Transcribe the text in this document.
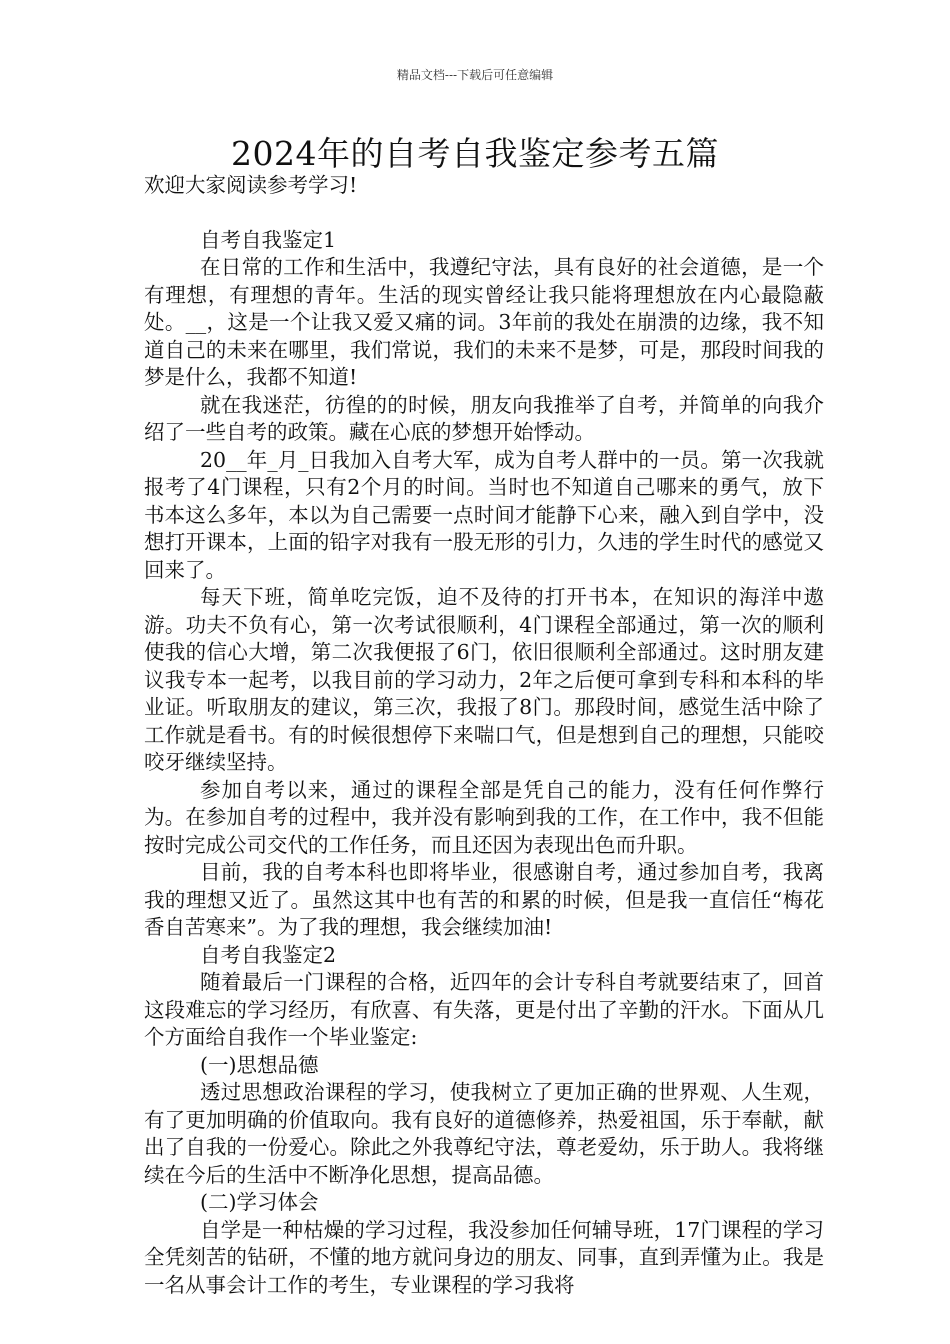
精品文档---下载后可任意编辑
2024年的自考自我鉴定参考五篇

欢迎大家阅读参考学习!

自考自我鉴定1

在日常的工作和生活中，我遵纪守法，具有良好的社会道德，是一个有理想，有理想的青年。生活的现实曾经让我只能将理想放在内心最隐蔽处。__，这是一个让我又爱又痛的词。3年前的我处在崩溃的边缘，我不知道自己的未来在哪里，我们常说，我们的未来不是梦，可是，那段时间我的梦是什么，我都不知道!

就在我迷茫，彷徨的的时候，朋友向我推举了自考，并简单的向我介绍了一些自考的政策。藏在心底的梦想开始悸动。

20__年_月_日我加入自考大军，成为自考人群中的一员。第一次我就报考了4门课程，只有2个月的时间。当时也不知道自己哪来的勇气，放下书本这么多年，本以为自己需要一点时间才能静下心来，融入到自学中，没想打开课本，上面的铅字对我有一股无形的引力，久违的学生时代的感觉又回来了。

每天下班，简单吃完饭，迫不及待的打开书本，在知识的海洋中遨游。功夫不负有心，第一次考试很顺利，4门课程全部通过，第一次的顺利使我的信心大增，第二次我便报了6门，依旧很顺利全部通过。这时朋友建议我专本一起考，以我目前的学习动力，2年之后便可拿到专科和本科的毕业证。听取朋友的建议，第三次，我报了8门。那段时间，感觉生活中除了工作就是看书。有的时候很想停下来喘口气，但是想到自己的理想，只能咬咬牙继续坚持。

参加自考以来，通过的课程全部是凭自己的能力，没有任何作弊行为。在参加自考的过程中，我并没有影响到我的工作，在工作中，我不但能按时完成公司交代的工作任务，而且还因为表现出色而升职。

目前，我的自考本科也即将毕业，很感谢自考，通过参加自考，我离我的理想又近了。虽然这其中也有苦的和累的时候，但是我一直信任“梅花香自苦寒来”。为了我的理想，我会继续加油!

自考自我鉴定2

随着最后一门课程的合格，近四年的会计专科自考就要结束了，回首这段难忘的学习经历，有欣喜、有失落，更是付出了辛勤的汗水。下面从几个方面给自我作一个毕业鉴定:

(一)思想品德

透过思想政治课程的学习，使我树立了更加正确的世界观、人生观，有了更加明确的价值取向。我有良好的道德修养，热爱祖国，乐于奉献，献出了自我的一份爱心。除此之外我尊纪守法，尊老爱幼，乐于助人。我将继续在今后的生活中不断净化思想，提高品德。

(二)学习体会

自学是一种枯燥的学习过程，我没参加任何辅导班，17门课程的学习全凭刻苦的钻研，不懂的地方就问身边的朋友、同事，直到弄懂为止。我是一名从事会计工作的考生，专业课程的学习我将
